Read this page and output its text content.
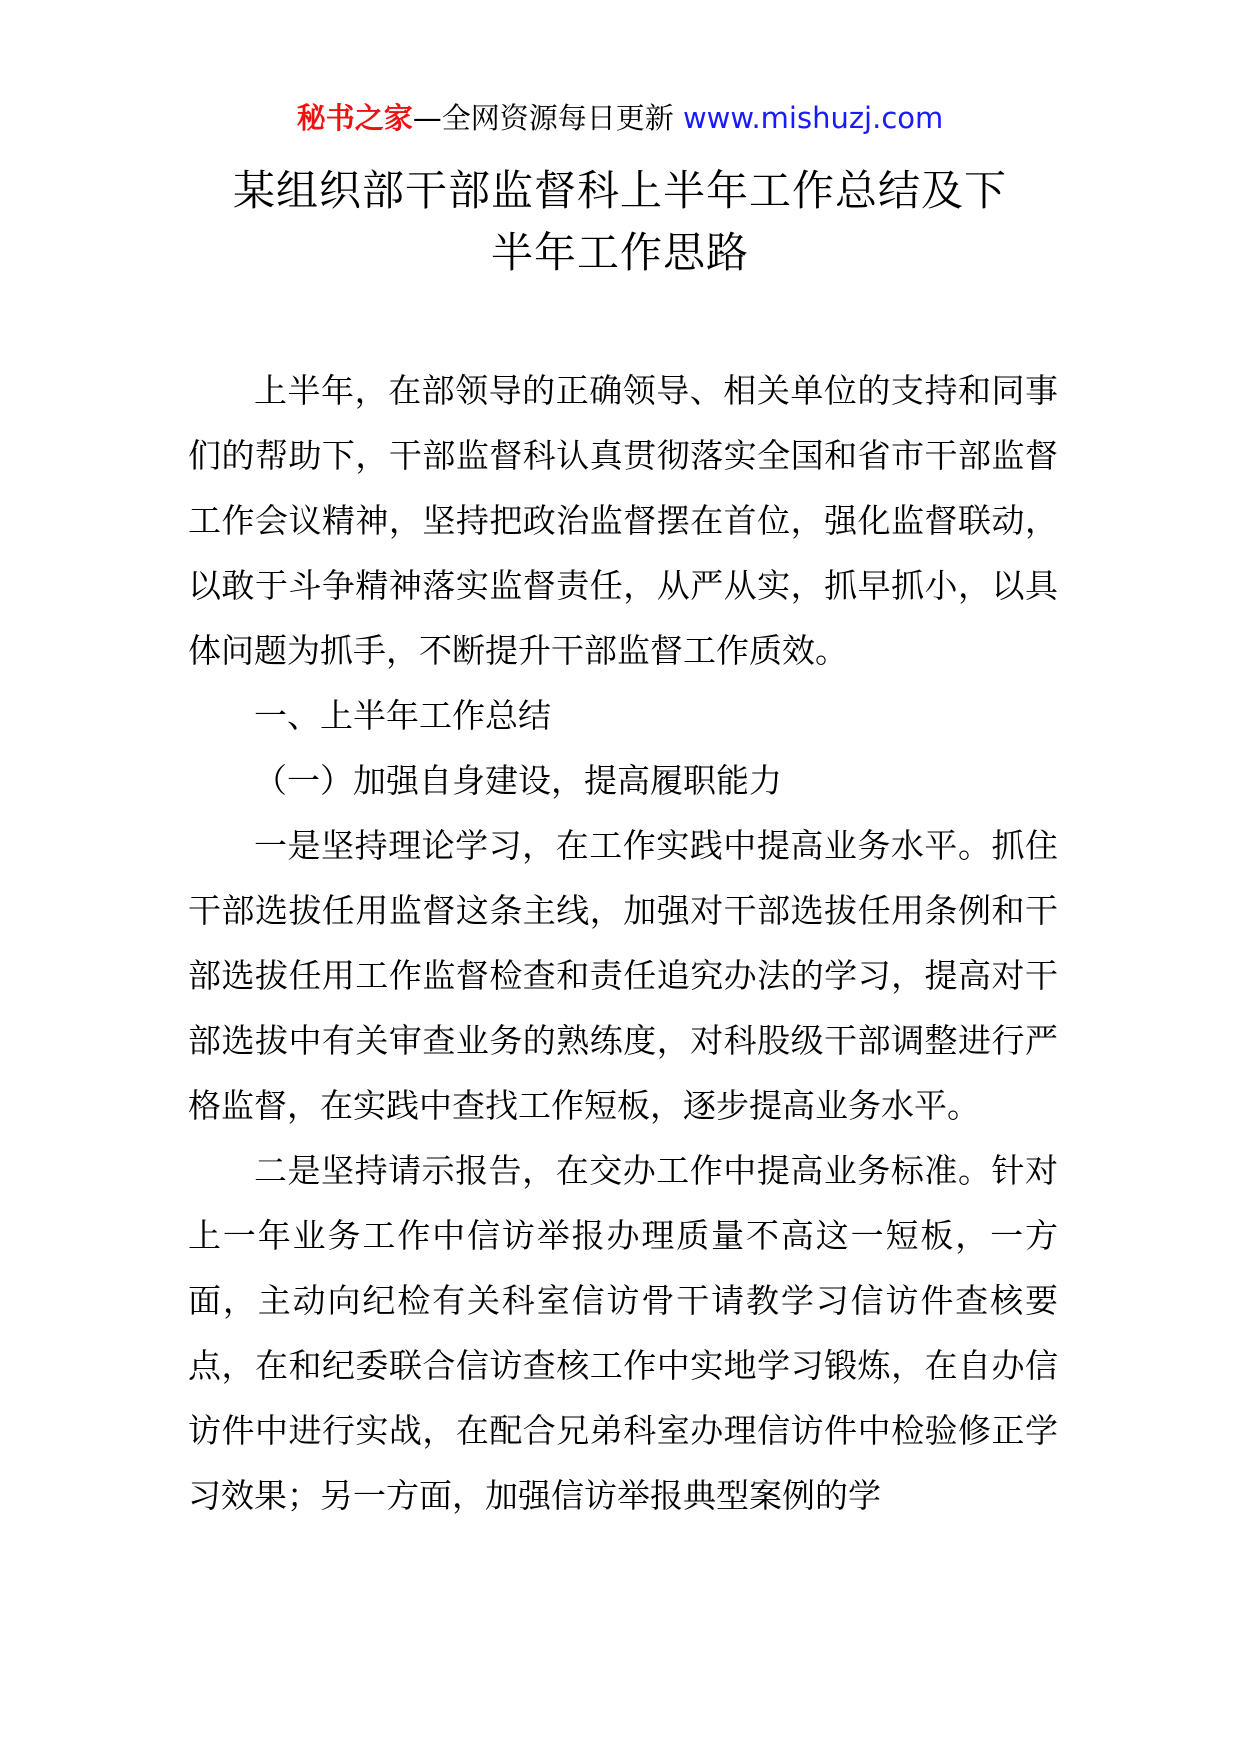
秘书之家—全网资源每日更新 www.mishuzj.com
某组织部干部监督科上半年工作总结及下
半年工作思路

上半年，在部领导的正确领导、相关单位的支持和同事们的帮助下，干部监督科认真贯彻落实全国和省市干部监督工作会议精神，坚持把政治监督摆在首位，强化监督联动，以敢于斗争精神落实监督责任，从严从实，抓早抓小，以具体问题为抓手，不断提升干部监督工作质效。

一、上半年工作总结

（一）加强自身建设，提高履职能力

一是坚持理论学习，在工作实践中提高业务水平。抓住干部选拔任用监督这条主线，加强对干部选拔任用条例和干部选拔任用工作监督检查和责任追究办法的学习，提高对干部选拔中有关审查业务的熟练度，对科股级干部调整进行严格监督，在实践中查找工作短板，逐步提高业务水平。

二是坚持请示报告，在交办工作中提高业务标准。针对上一年业务工作中信访举报办理质量不高这一短板，一方面，主动向纪检有关科室信访骨干请教学习信访件查核要点，在和纪委联合信访查核工作中实地学习锻炼，在自办信访件中进行实战，在配合兄弟科室办理信访件中检验修正学习效果；另一方面，加强信访举报典型案例的学
